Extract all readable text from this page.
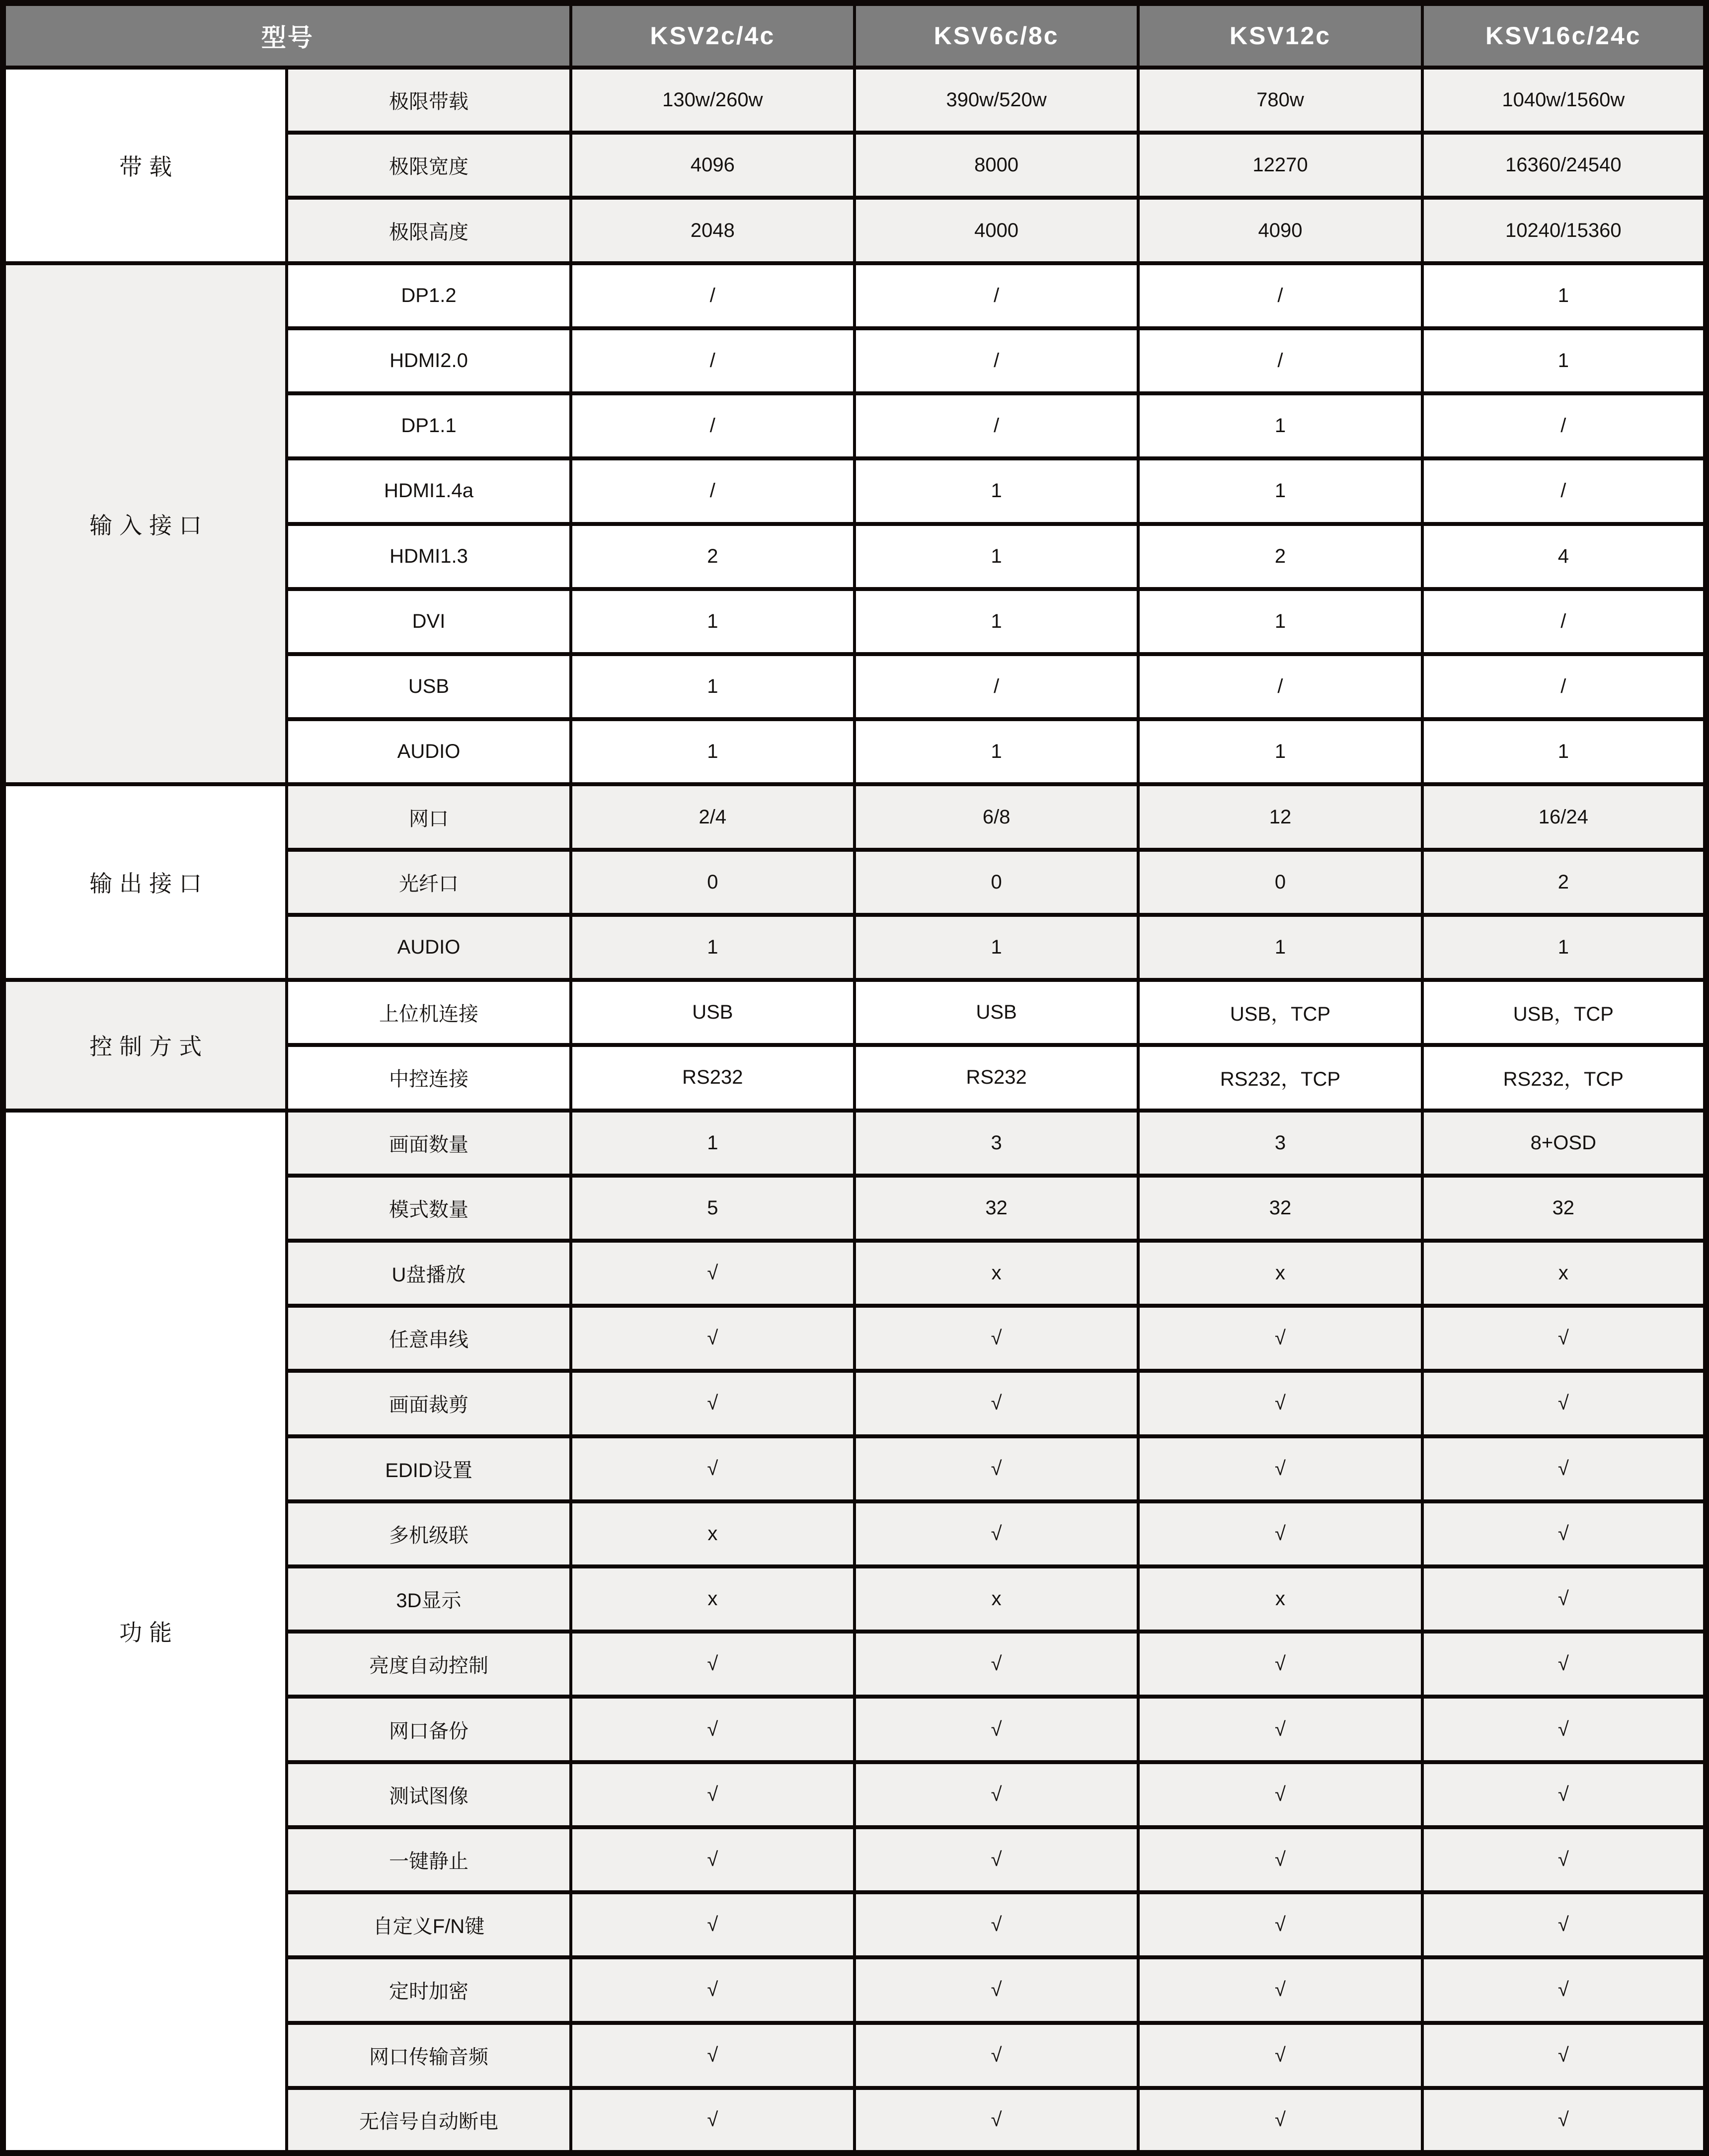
型号		KSV2c/4c	KSV6c/8c	KSV12c	KSV16c/24c
带载	极限带载	130w/260w	390w/520w	780w	1040w/1560w
	极限宽度	4096	8000	12270	16360/24540
	极限高度	2048	4000	4090	10240/15360
输入接口	DP1.2	/	/	/	1
	HDMI2.0	/	/	/	1
	DP1.1	/	/	1	/
	HDMI1.4a	/	1	1	/
	HDMI1.3	2	1	2	4
	DVI	1	1	1	/
	USB	1	/	/	/
	AUDIO	1	1	1	1
输出接口	网口	2/4	6/8	12	16/24
	光纤口	0	0	0	2
	AUDIO	1	1	1	1
控制方式	上位机连接	USB	USB	USB，TCP	USB，TCP
	中控连接	RS232	RS232	RS232，TCP	RS232，TCP
功能	画面数量	1	3	3	8+OSD
	模式数量	5	32	32	32
	U盘播放	√	x	x	x
	任意串线	√	√	√	√
	画面裁剪	√	√	√	√
	EDID设置	√	√	√	√
	多机级联	x	√	√	√
	3D显示	x	x	x	√
	亮度自动控制	√	√	√	√
	网口备份	√	√	√	√
	测试图像	√	√	√	√
	一键静止	√	√	√	√
	自定义F/N键	√	√	√	√
	定时加密	√	√	√	√
	网口传输音频	√	√	√	√
	无信号自动断电	√	√	√	√
